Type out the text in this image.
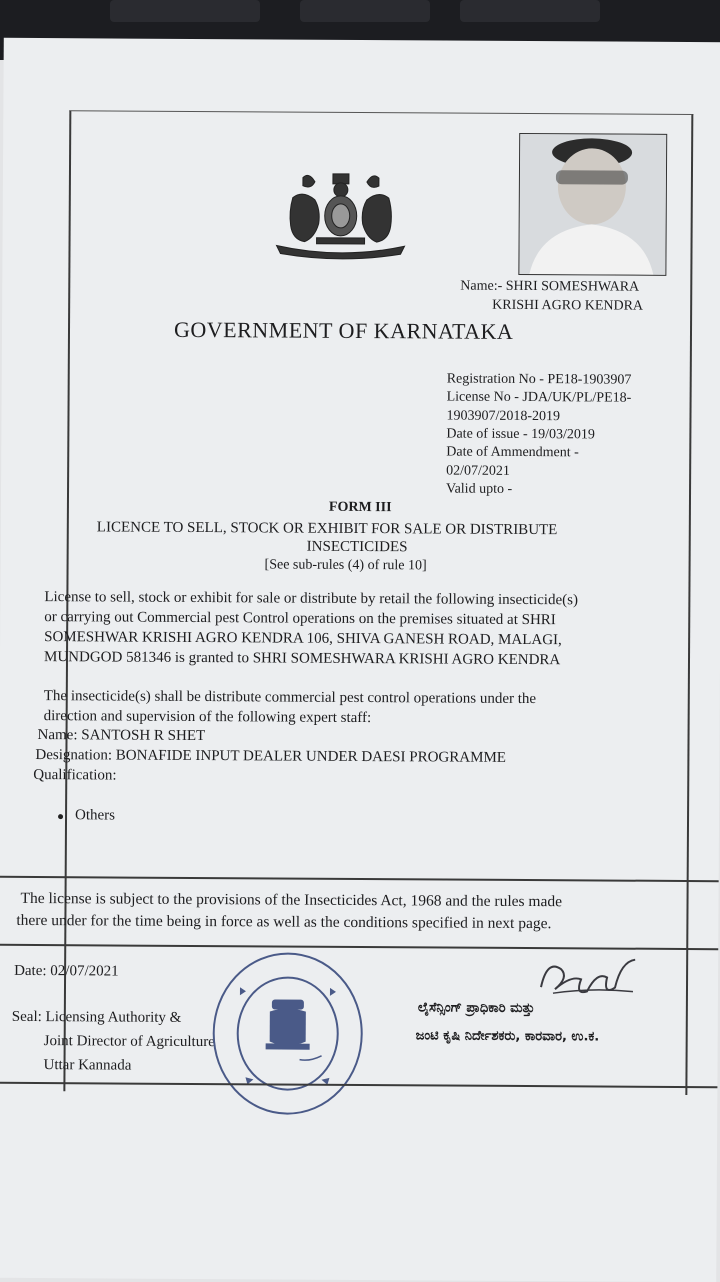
Name:- SHRI SOMESHWARA
KRISHI AGRO KENDRA
GOVERNMENT OF KARNATAKA
Registration No - PE18-1903907
License No - JDA/UK/PL/PE18-
1903907/2018-2019
Date of issue - 19/03/2019
Date of Ammendment -
02/07/2021
Valid upto -
FORM III
LICENCE TO SELL, STOCK OR EXHIBIT FOR SALE OR DISTRIBUTE
INSECTICIDES
[See sub-rules (4) of rule 10]
License to sell, stock or exhibit for sale or distribute by retail the following insecticide(s)
or carrying out Commercial pest Control operations on the premises situated at SHRI
SOMESHWAR KRISHI AGRO KENDRA 106, SHIVA GANESH ROAD, MALAGI,
MUNDGOD 581346 is granted to SHRI SOMESHWARA KRISHI AGRO KENDRA
The insecticide(s) shall be distribute commercial pest control operations under the
direction and supervision of the following expert staff:
Name: SANTOSH R SHET
Designation: BONAFIDE INPUT DEALER UNDER DAESI PROGRAMME
Qualification:
Others
The license is subject to the provisions of the Insecticides Act, 1968 and the rules made
there under for the time being in force as well as the conditions specified in next page.
Date: 02/07/2021
Seal: Licensing Authority &
Joint Director of Agriculture
Uttar Kannada
ಲೈಸೆನ್ಸಿಂಗ್ ಪ್ರಾಧಿಕಾರಿ ಮತ್ತು
ಜಂಟಿ ಕೃಷಿ ನಿರ್ದೇಶಕರು, ಕಾರವಾರ, ಉ.ಕ.
